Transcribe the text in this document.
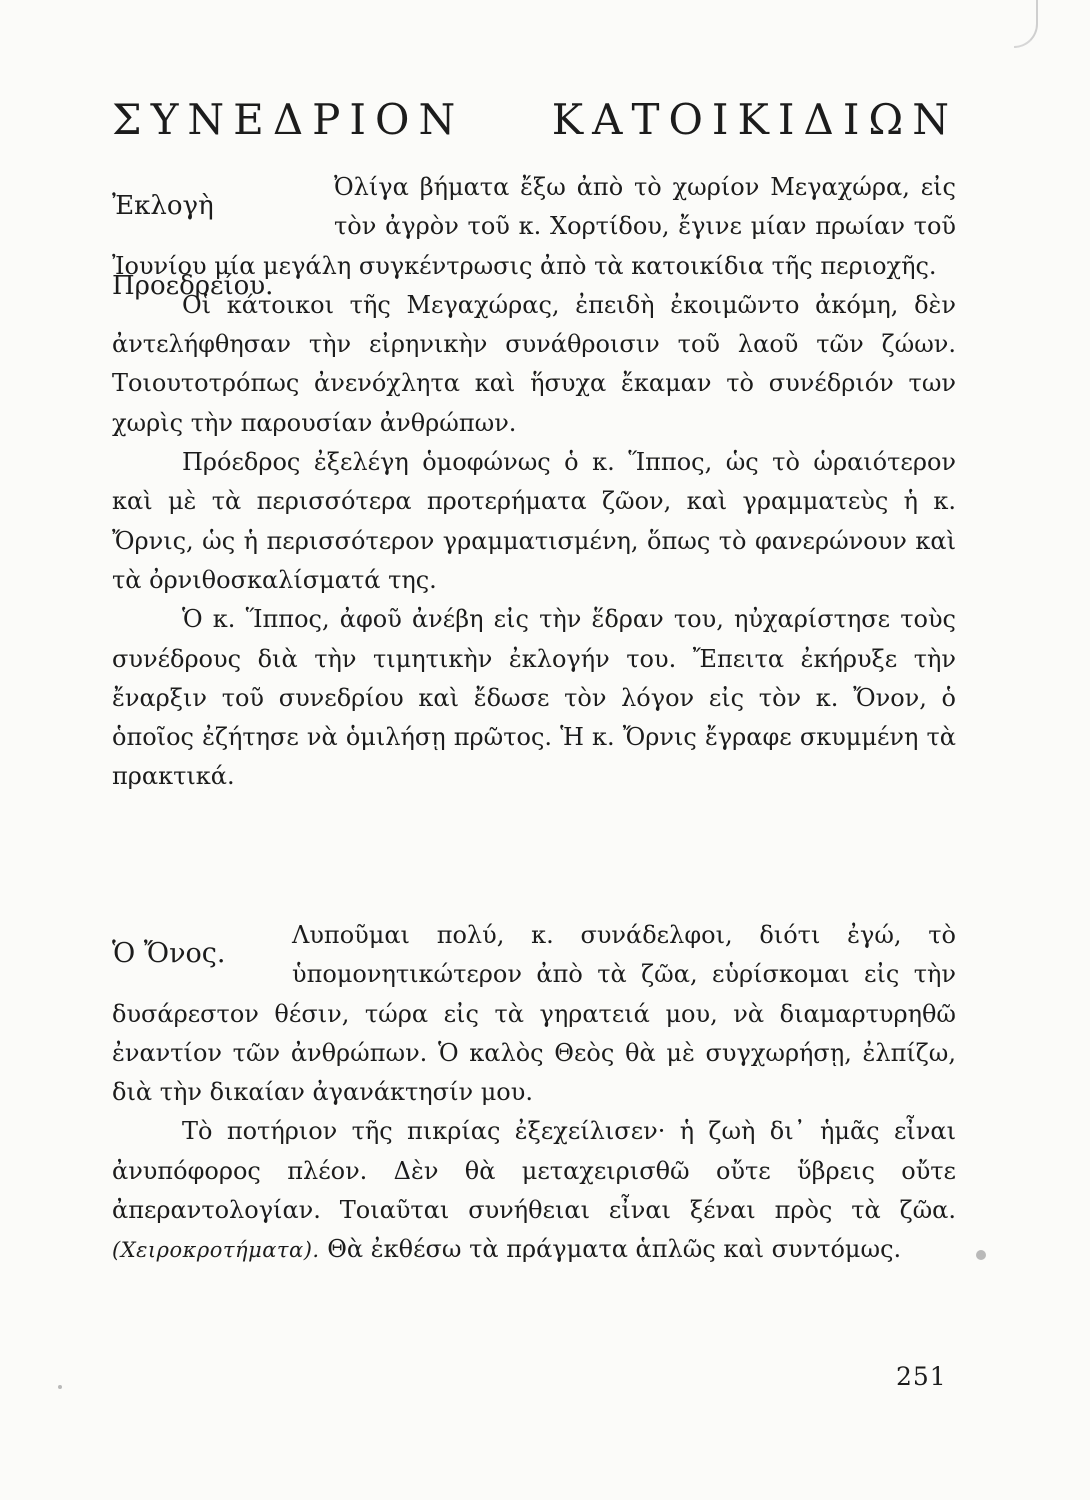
ΣΥΝΕΔΡΙΟΝ ΚΑΤΟΙΚΙΔΙΩΝ
Ἐκλογὴ Προεδρείου.

Ὀλίγα βήματα ἔξω ἀπὸ τὸ χωρίον Μεγαχώρα, εἰς τὸν ἀγρὸν τοῦ κ. Χορτίδου, ἔγινε μίαν πρωίαν τοῦ Ἰουνίου μία μεγάλη συγκέντρωσις ἀπὸ τὰ κατοικίδια τῆς περιοχῆς.

Οἱ κάτοικοι τῆς Μεγαχώρας, ἐπειδὴ ἐκοιμῶντο ἀκόμη, δὲν ἀντελήφθησαν τὴν εἰρηνικὴν συνάθροισιν τοῦ λαοῦ τῶν ζώων. Τοιουτοτρόπως ἀνενόχλητα καὶ ἥσυχα ἔκαμαν τὸ συνέδριόν των χωρὶς τὴν παρουσίαν ἀνθρώπων.

Πρόεδρος ἐξελέγη ὁμοφώνως ὁ κ. Ἵππος, ὡς τὸ ὡραιότερον καὶ μὲ τὰ περισσότερα προτερήματα ζῶον, καὶ γραμματεὺς ἡ κ. Ὄρνις, ὡς ἡ περισσότερον γραμματισμένη, ὅπως τὸ φανερώνουν καὶ τὰ ὀρνιθοσκαλίσματά της.

Ὁ κ. Ἵππος, ἀφοῦ ἀνέβη εἰς τὴν ἕδραν του, ηὐχαρίστησε τοὺς συνέδρους διὰ τὴν τιμητικὴν ἐκλογήν του. Ἔπειτα ἐκήρυξε τὴν ἔναρξιν τοῦ συνεδρίου καὶ ἔδωσε τὸν λόγον εἰς τὸν κ. Ὄνον, ὁ ὁποῖος ἐζήτησε νὰ ὁμιλήσῃ πρῶτος. Ἡ κ. Ὄρνις ἔγραφε σκυμμένη τὰ πρακτικά.

Ὁ Ὄνος.

Λυποῦμαι πολύ, κ. συνάδελφοι, διότι ἐγώ, τὸ ὑπομονητικώτερον ἀπὸ τὰ ζῶα, εὑρίσκομαι εἰς τὴν δυσάρεστον θέσιν, τώρα εἰς τὰ γηρατειά μου, νὰ διαμαρτυρηθῶ ἐναντίον τῶν ἀνθρώπων. Ὁ καλὸς Θεὸς θὰ μὲ συγχωρήσῃ, ἐλπίζω, διὰ τὴν δικαίαν ἀγανάκτησίν μου.

Τὸ ποτήριον τῆς πικρίας ἐξεχείλισεν· ἡ ζωὴ δι᾽ ἡμᾶς εἶναι ἀνυπόφορος πλέον. Δὲν θὰ μεταχειρισθῶ οὔτε ὕβρεις οὔτε ἀπεραντολογίαν. Τοιαῦται συνήθειαι εἶναι ξέναι πρὸς τὰ ζῶα. (Χειροκροτήματα). Θὰ ἐκθέσω τὰ πράγματα ἁπλῶς καὶ συντόμως.

251
